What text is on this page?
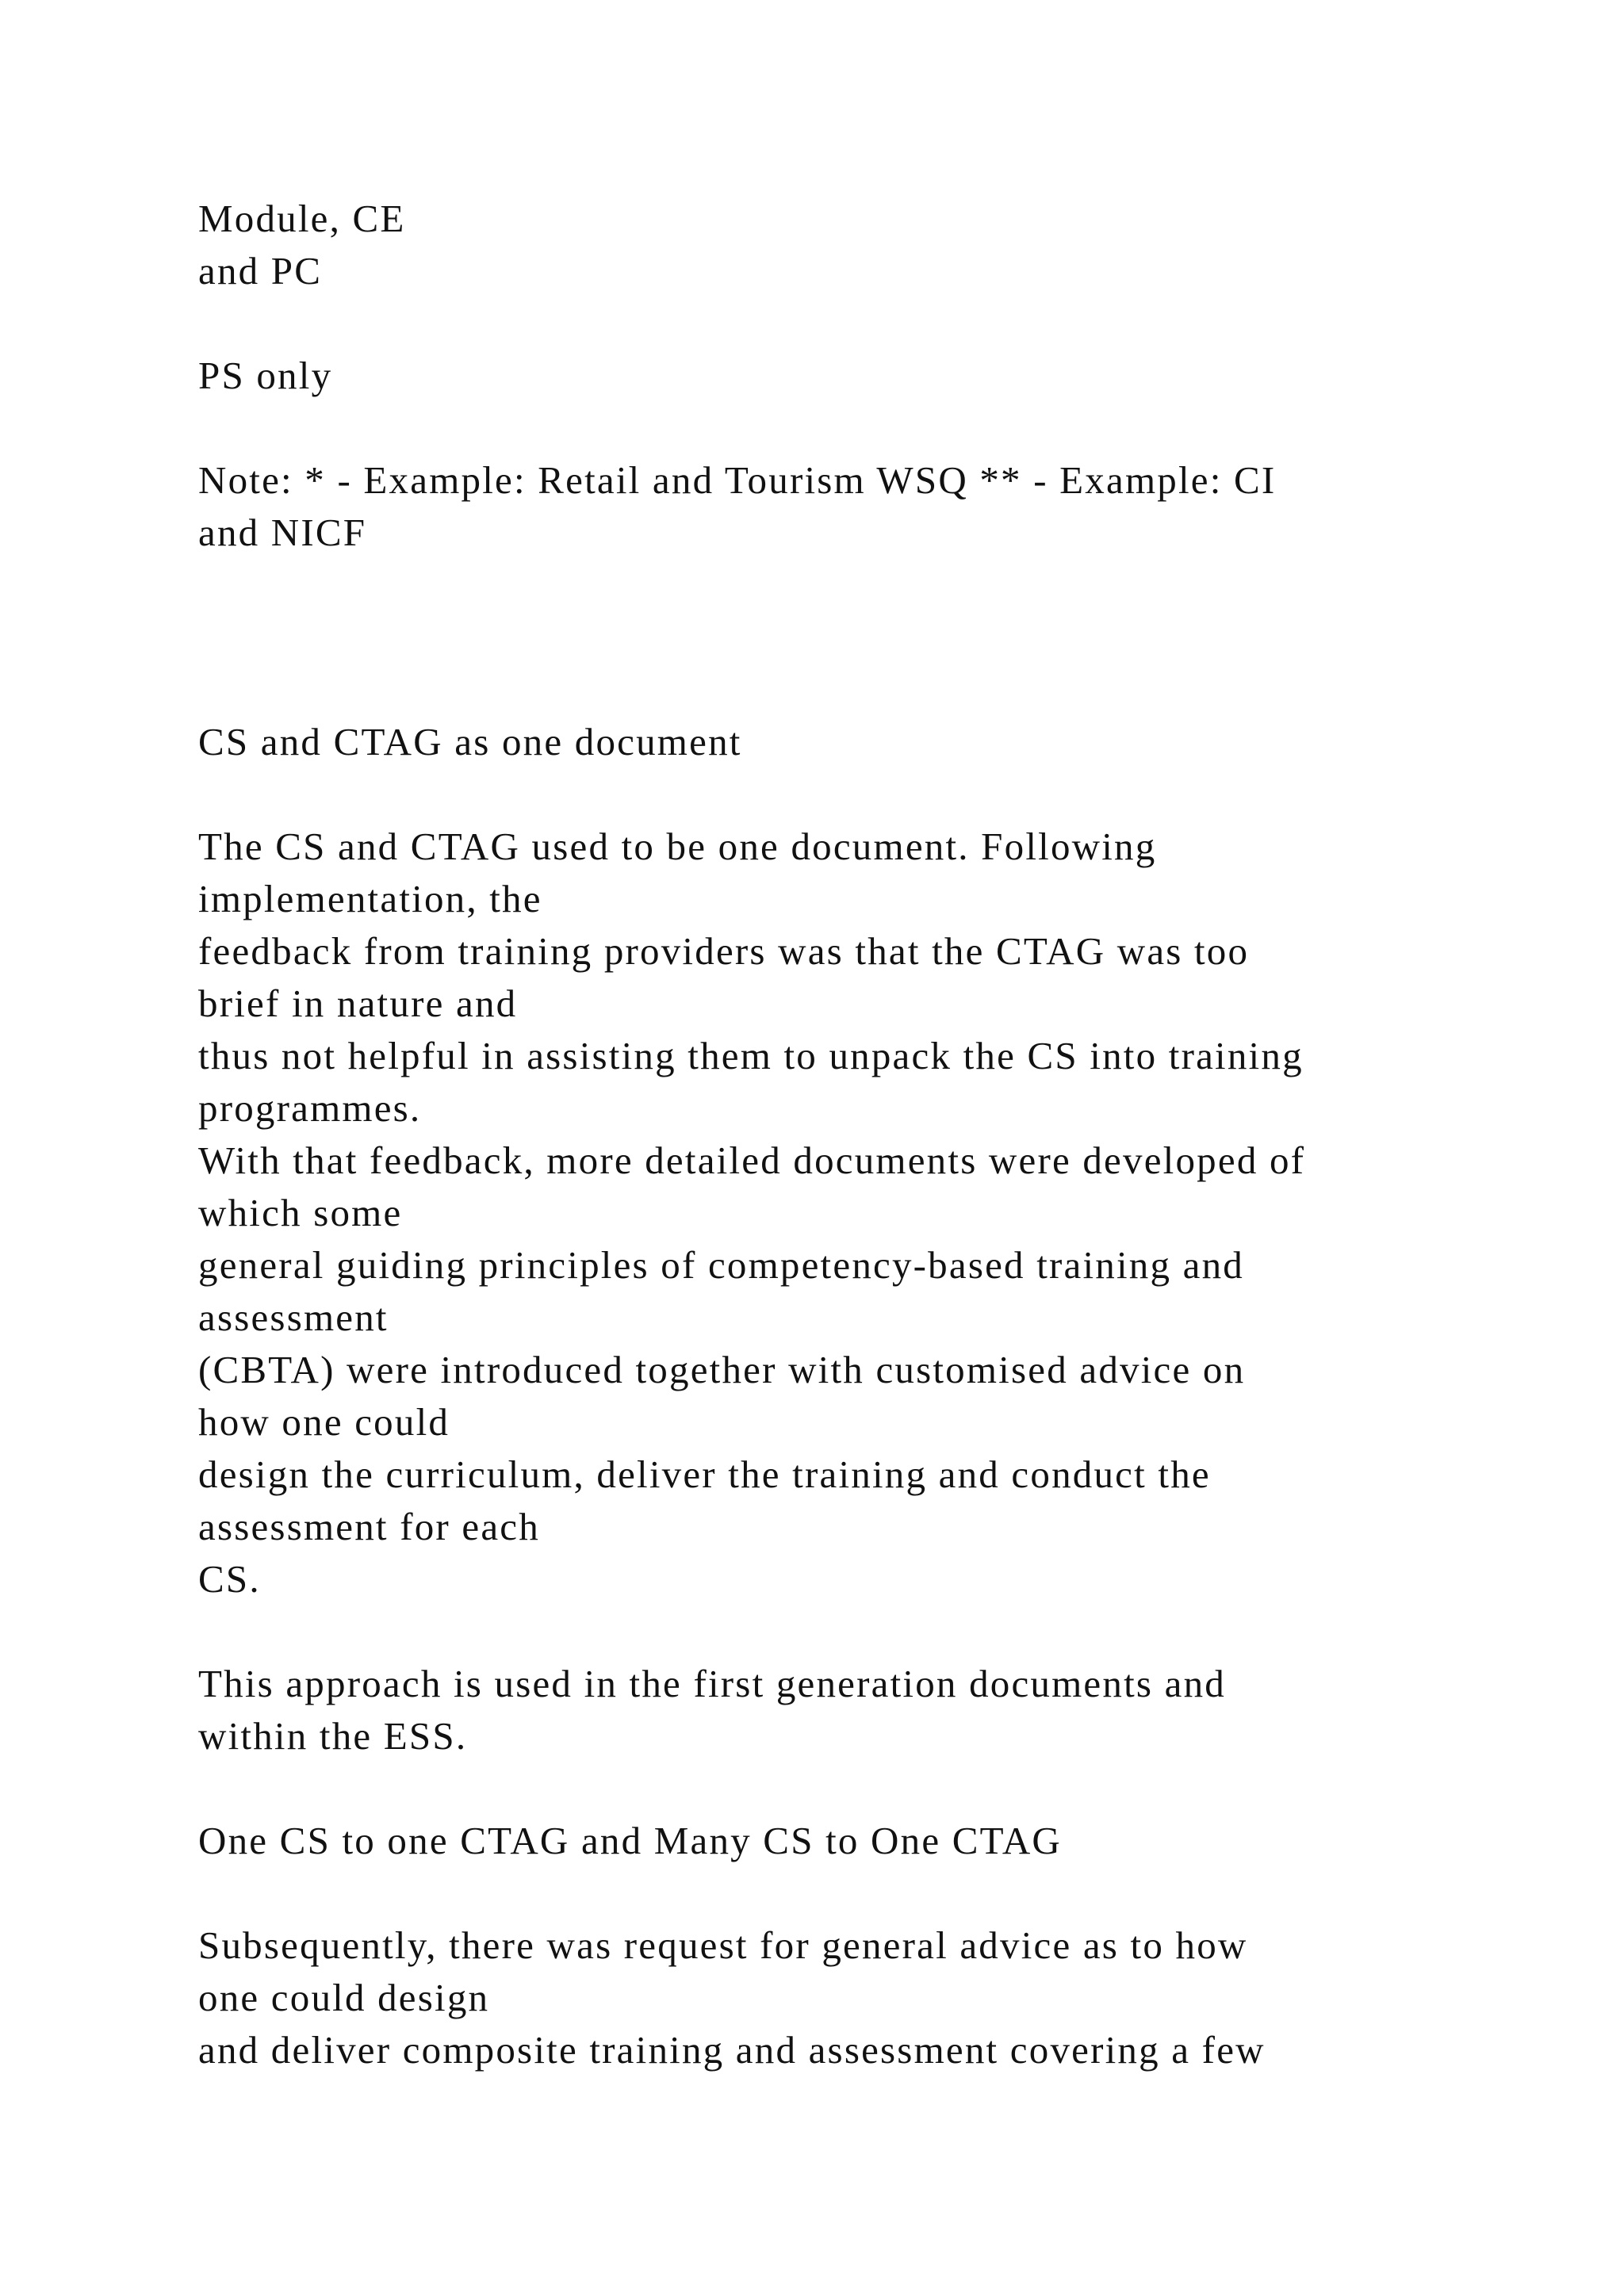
Module, CE
and PC
PS only
Note: * - Example: Retail and Tourism WSQ ** - Example: CI
and NICF
CS and CTAG as one document
The CS and CTAG used to be one document. Following
implementation, the
feedback from training providers was that the CTAG was too
brief in nature and
thus not helpful in assisting them to unpack the CS into training
programmes.
With that feedback, more detailed documents were developed of
which some
general guiding principles of competency-based training and
assessment
(CBTA) were introduced together with customised advice on
how one could
design the curriculum, deliver the training and conduct the
assessment for each
CS.
This approach is used in the first generation documents and
within the ESS.
One CS to one CTAG and Many CS to One CTAG
Subsequently, there was request for general advice as to how
one could design
and deliver composite training and assessment covering a few
